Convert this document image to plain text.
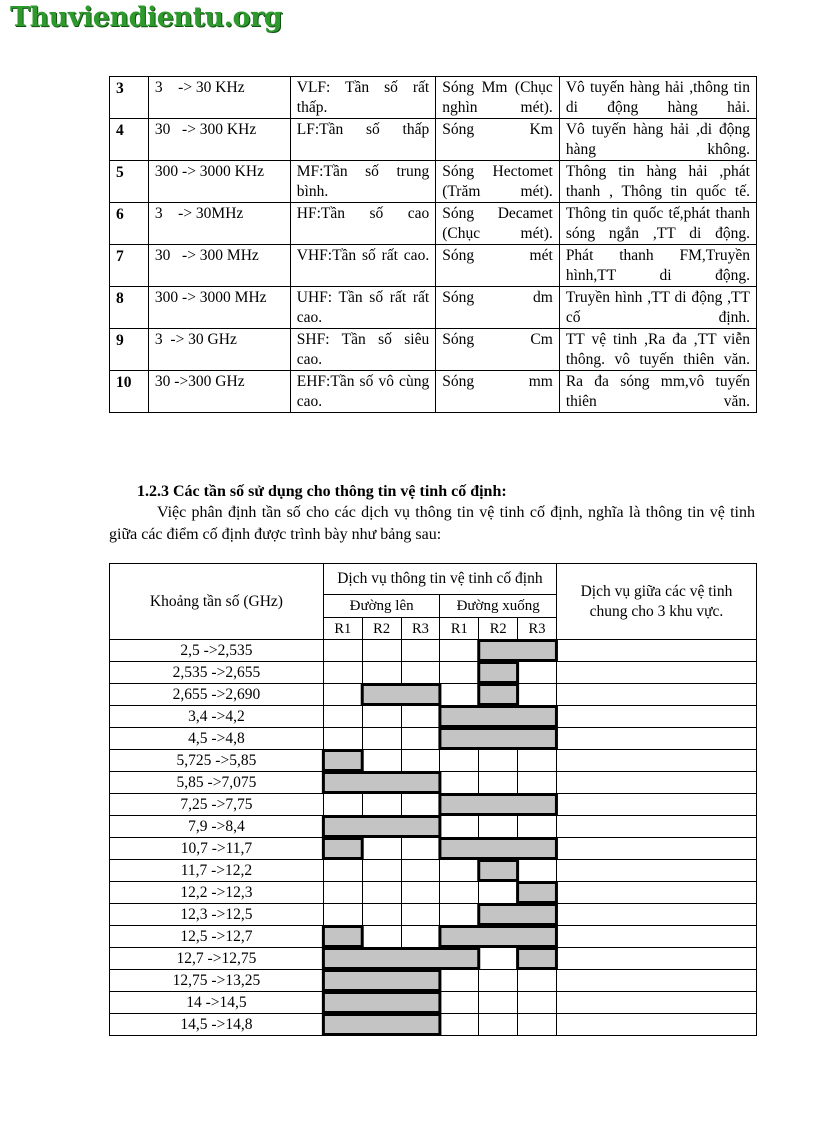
Thuviendientu.org
3	3    -> 30 KHz	VLF: Tần số rất thấp.	Sóng Mm (Chục nghìn mét).	Vô tuyến hàng hải ,thông tin di động hàng hải.
4	30   -> 300 KHz	LF:Tần số thấp	Sóng Km	Vô tuyến hàng hải ,di động hàng không.
5	300 -> 3000 KHz	MF:Tần số trung bình.	Sóng Hectomet (Trăm mét).	Thông tin hàng hải ,phát thanh , Thông tin quốc tế.
6	3    -> 30MHz	HF:Tần số cao	Sóng Decamet (Chục mét).	Thông tin quốc tế,phát thanh sóng ngắn ,TT di động.
7	30   -> 300 MHz	VHF:Tần số rất cao.	Sóng mét	Phát thanh FM,Truyền hình,TT di động.
8	300 -> 3000 MHz	UHF: Tần số rất rất cao.	Sóng dm	Truyền hình ,TT di động ,TT cố định.
9	3  -> 30 GHz	SHF: Tần số siêu cao.	Sóng Cm	TT vệ tinh ,Ra đa ,TT viễn thông. vô tuyến thiên văn.
10	30 ->300 GHz	EHF:Tần số vô cùng cao.	Sóng mm	Ra đa sóng mm,vô tuyến thiên văn.
1.2.3 Các tần số sử dụng cho thông tin vệ tinh cố định:
Việc phân định tần số cho các dịch vụ thông tin vệ tinh cố định, nghĩa là thông tin vệ tinh giữa các điểm cố định được trình bày như bảng sau:
Khoảng tần số (GHz)	Dịch vụ thông tin vệ tinh cố định						Dịch vụ giữa các vệ tinh chung cho 3 khu vực.
	Đường lên			Đường xuống			
	R1	R2	R3	R1	R2	R3	
2,5 ->2,535							
2,535 ->2,655							
2,655 ->2,690							
3,4 ->4,2							
4,5 ->4,8							
5,725 ->5,85							
5,85 ->7,075							
7,25 ->7,75							
7,9 ->8,4							
10,7 ->11,7							
11,7 ->12,2							
12,2 ->12,3							
12,3 ->12,5							
12,5 ->12,7							
12,7 ->12,75							
12,75 ->13,25							
14 ->14,5							
14,5 ->14,8							
